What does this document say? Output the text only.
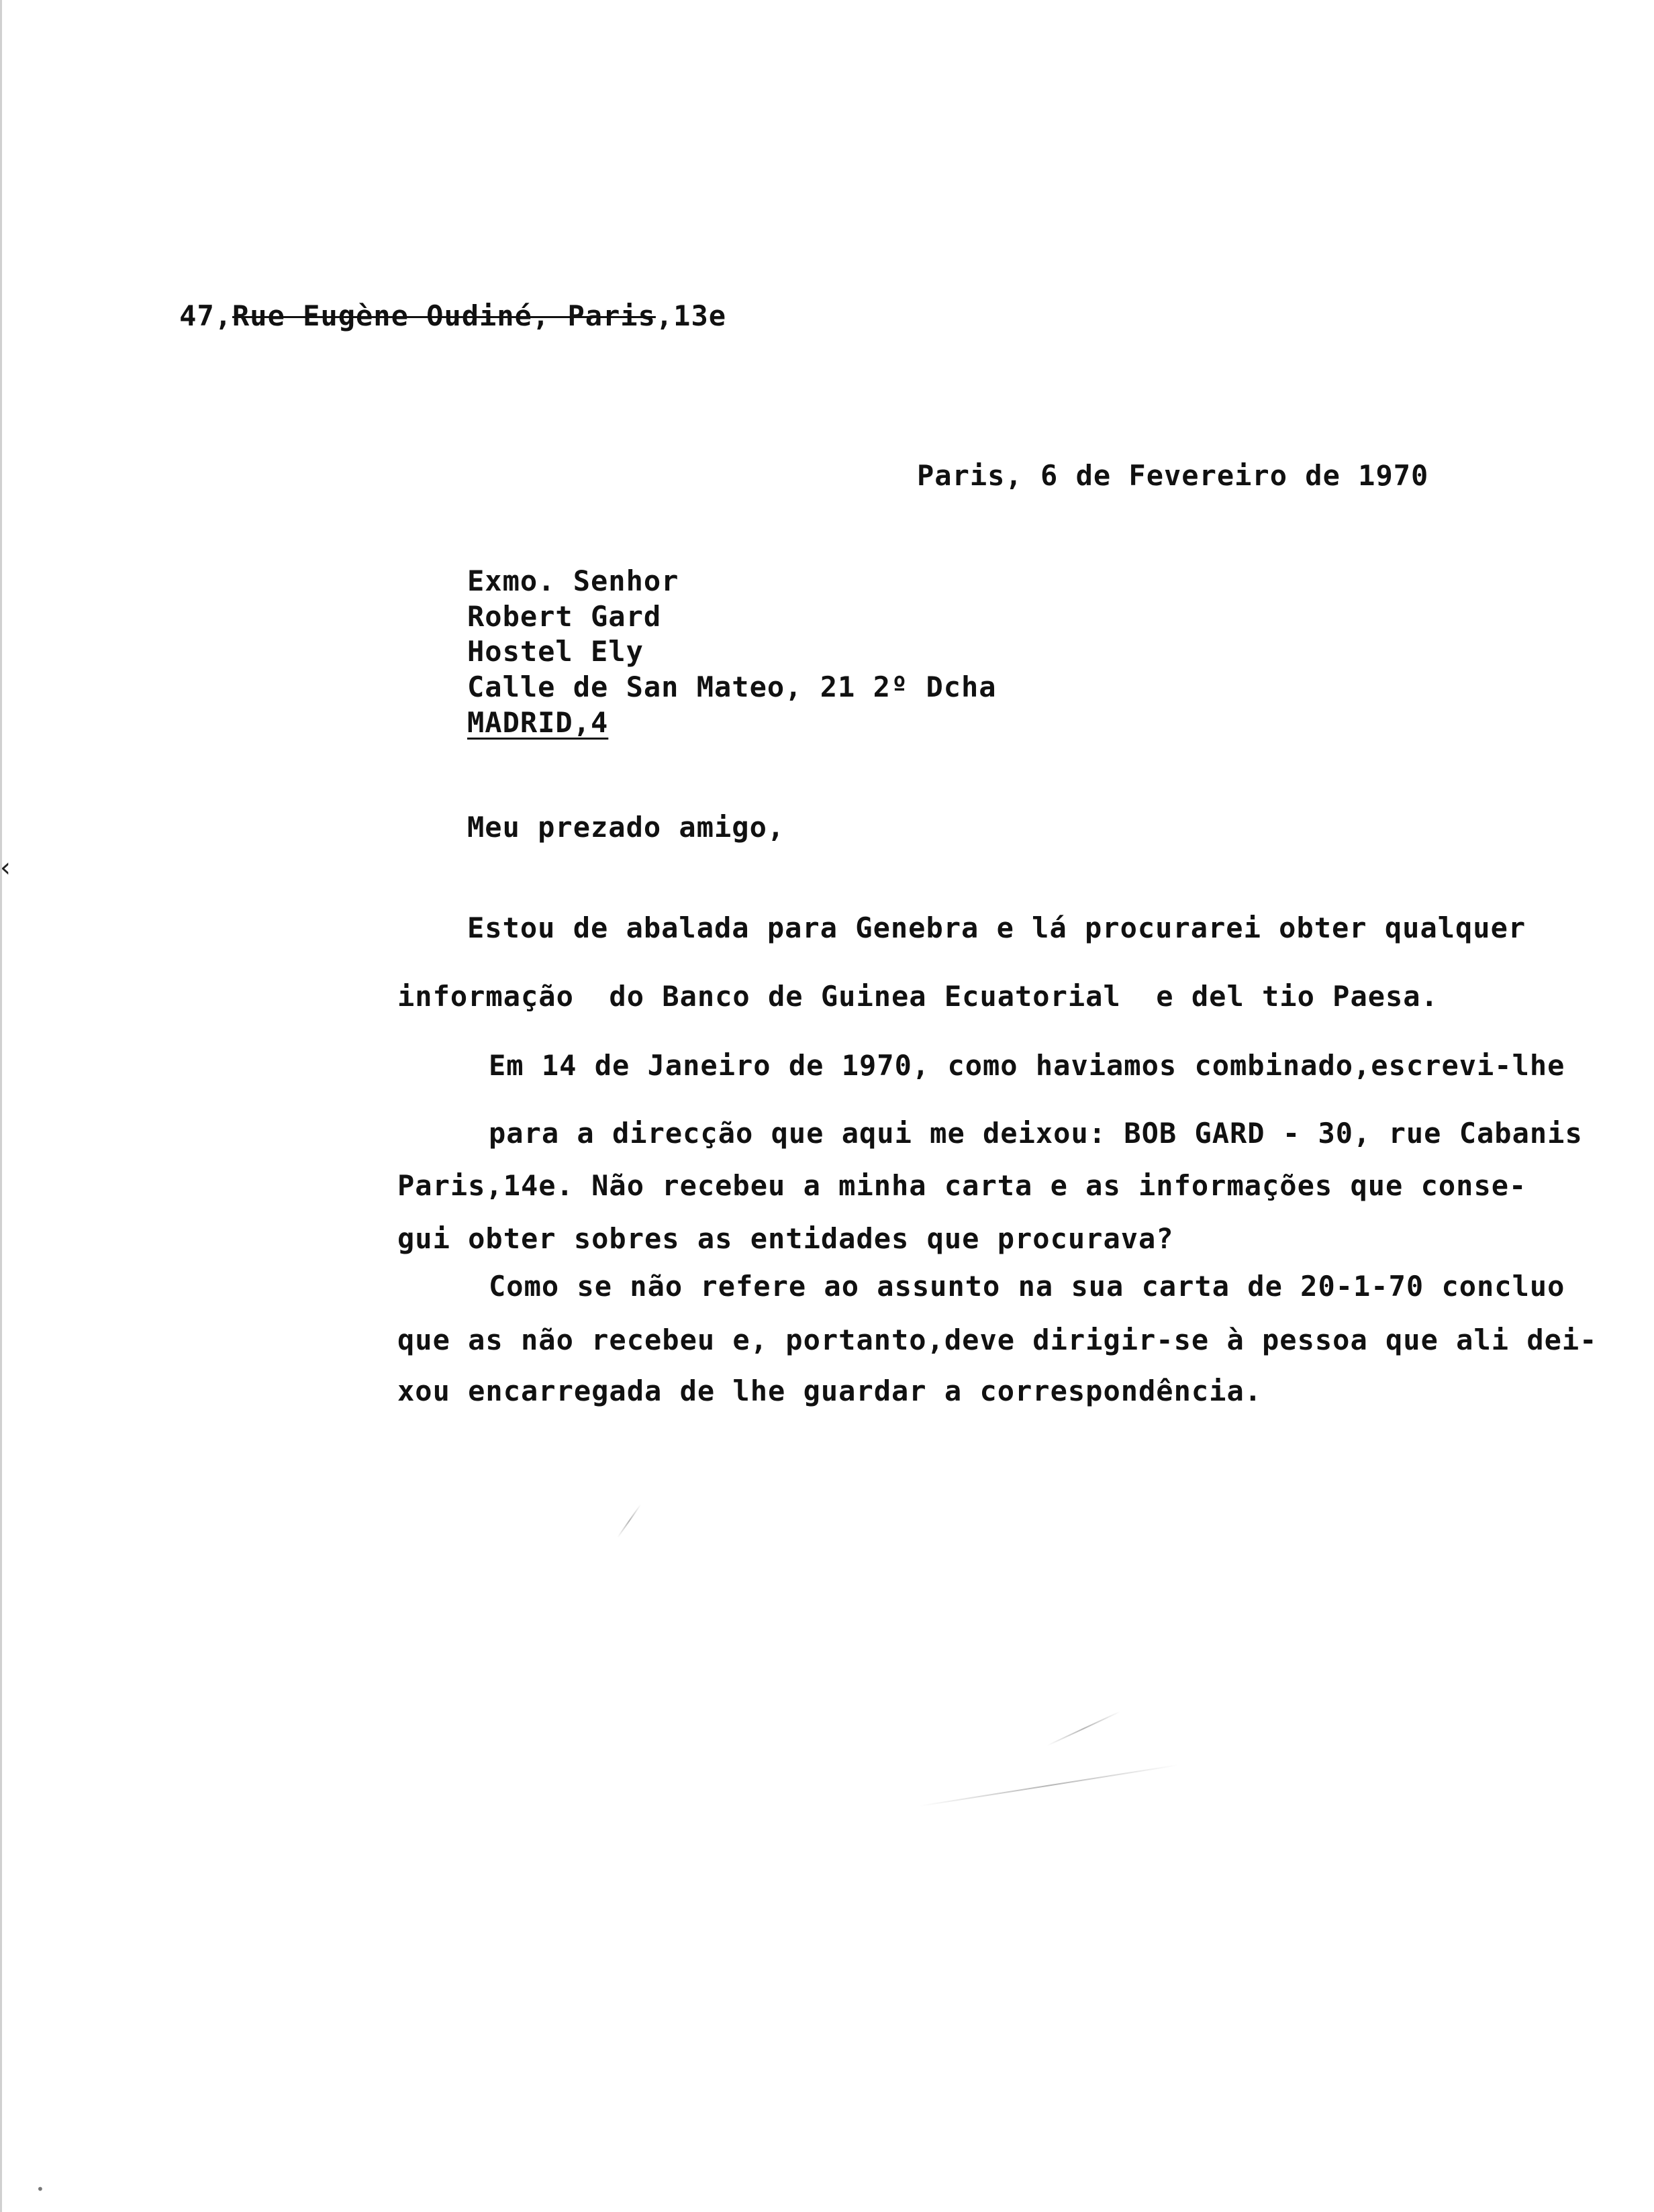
‹

47,Rue Eugène Oudiné, Paris,13e

Paris, 6 de Fevereiro de 1970
Exmo. Senhor
Robert Gard
Hostel Ely
Calle de San Mateo, 21 2º Dcha
MADRID,4
Meu prezado amigo,
Estou de abalada para Genebra e lá procurarei obter qualquer
informação  do Banco de Guinea Ecuatorial  e del tio Paesa.
Em 14 de Janeiro de 1970, como haviamos combinado,escrevi-lhe
para a direcção que aqui me deixou: BOB GARD - 30, rue Cabanis
Paris,14e. Não recebeu a minha carta e as informações que conse-
gui obter sobres as entidades que procurava?
Como se não refere ao assunto na sua carta de 20-1-70 concluo
que as não recebeu e, portanto,deve dirigir-se à pessoa que ali dei-
xou encarregada de lhe guardar a correspondência.
•
